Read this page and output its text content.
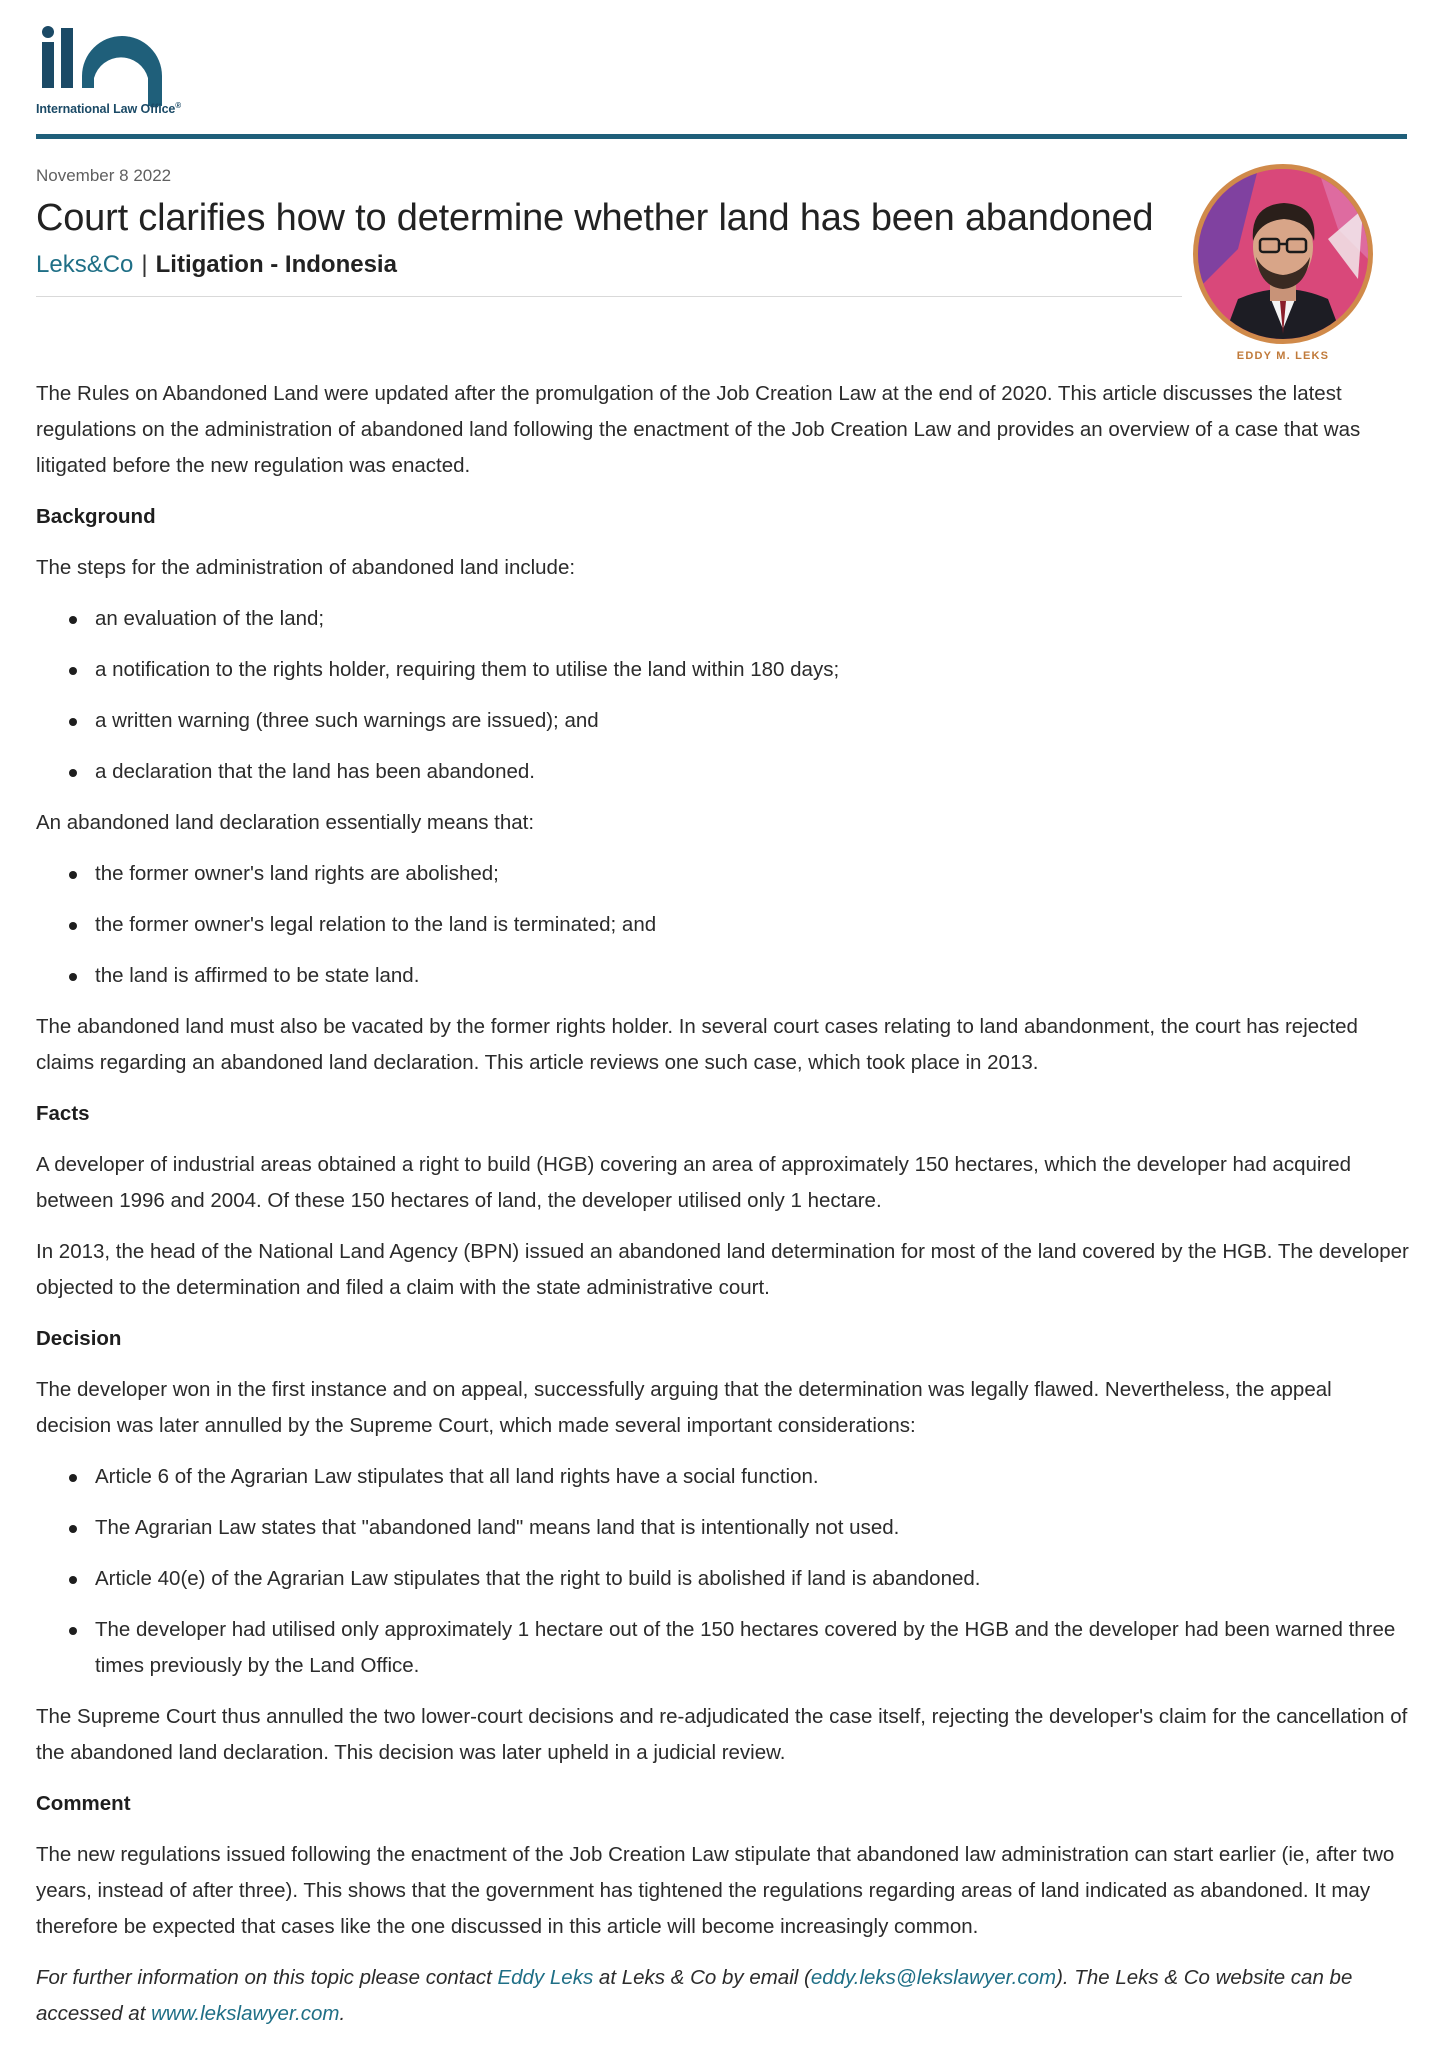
International Law Office®
November 8 2022
Court clarifies how to determine whether land has been abandoned
Leks&Co | Litigation - Indonesia
EDDY M. LEKS

The Rules on Abandoned Land were updated after the promulgation of the Job Creation Law at the end of 2020. This article discusses the latest regulations on the administration of abandoned land following the enactment of the Job Creation Law and provides an overview of a case that was litigated before the new regulation was enacted.

Background

The steps for the administration of abandoned land include:

an evaluation of the land;
a notification to the rights holder, requiring them to utilise the land within 180 days;
a written warning (three such warnings are issued); and
a declaration that the land has been abandoned.

An abandoned land declaration essentially means that:

the former owner's land rights are abolished;
the former owner's legal relation to the land is terminated; and
the land is affirmed to be state land.

The abandoned land must also be vacated by the former rights holder. In several court cases relating to land abandonment, the court has rejected claims regarding an abandoned land declaration. This article reviews one such case, which took place in 2013.

Facts

A developer of industrial areas obtained a right to build (HGB) covering an area of approximately 150 hectares, which the developer had acquired between 1996 and 2004. Of these 150 hectares of land, the developer utilised only 1 hectare.

In 2013, the head of the National Land Agency (BPN) issued an abandoned land determination for most of the land covered by the HGB. The developer objected to the determination and filed a claim with the state administrative court.

Decision

The developer won in the first instance and on appeal, successfully arguing that the determination was legally flawed. Nevertheless, the appeal decision was later annulled by the Supreme Court, which made several important considerations:

Article 6 of the Agrarian Law stipulates that all land rights have a social function.
The Agrarian Law states that "abandoned land" means land that is intentionally not used.
Article 40(e) of the Agrarian Law stipulates that the right to build is abolished if land is abandoned.
The developer had utilised only approximately 1 hectare out of the 150 hectares covered by the HGB and the developer had been warned three times previously by the Land Office.

The Supreme Court thus annulled the two lower-court decisions and re-adjudicated the case itself, rejecting the developer's claim for the cancellation of the abandoned land declaration. This decision was later upheld in a judicial review.

Comment

The new regulations issued following the enactment of the Job Creation Law stipulate that abandoned law administration can start earlier (ie, after two years, instead of after three). This shows that the government has tightened the regulations regarding areas of land indicated as abandoned. It may therefore be expected that cases like the one discussed in this article will become increasingly common.

For further information on this topic please contact Eddy Leks at Leks & Co by email (eddy.leks@lekslawyer.com). The Leks & Co website can be accessed at www.lekslawyer.com.
